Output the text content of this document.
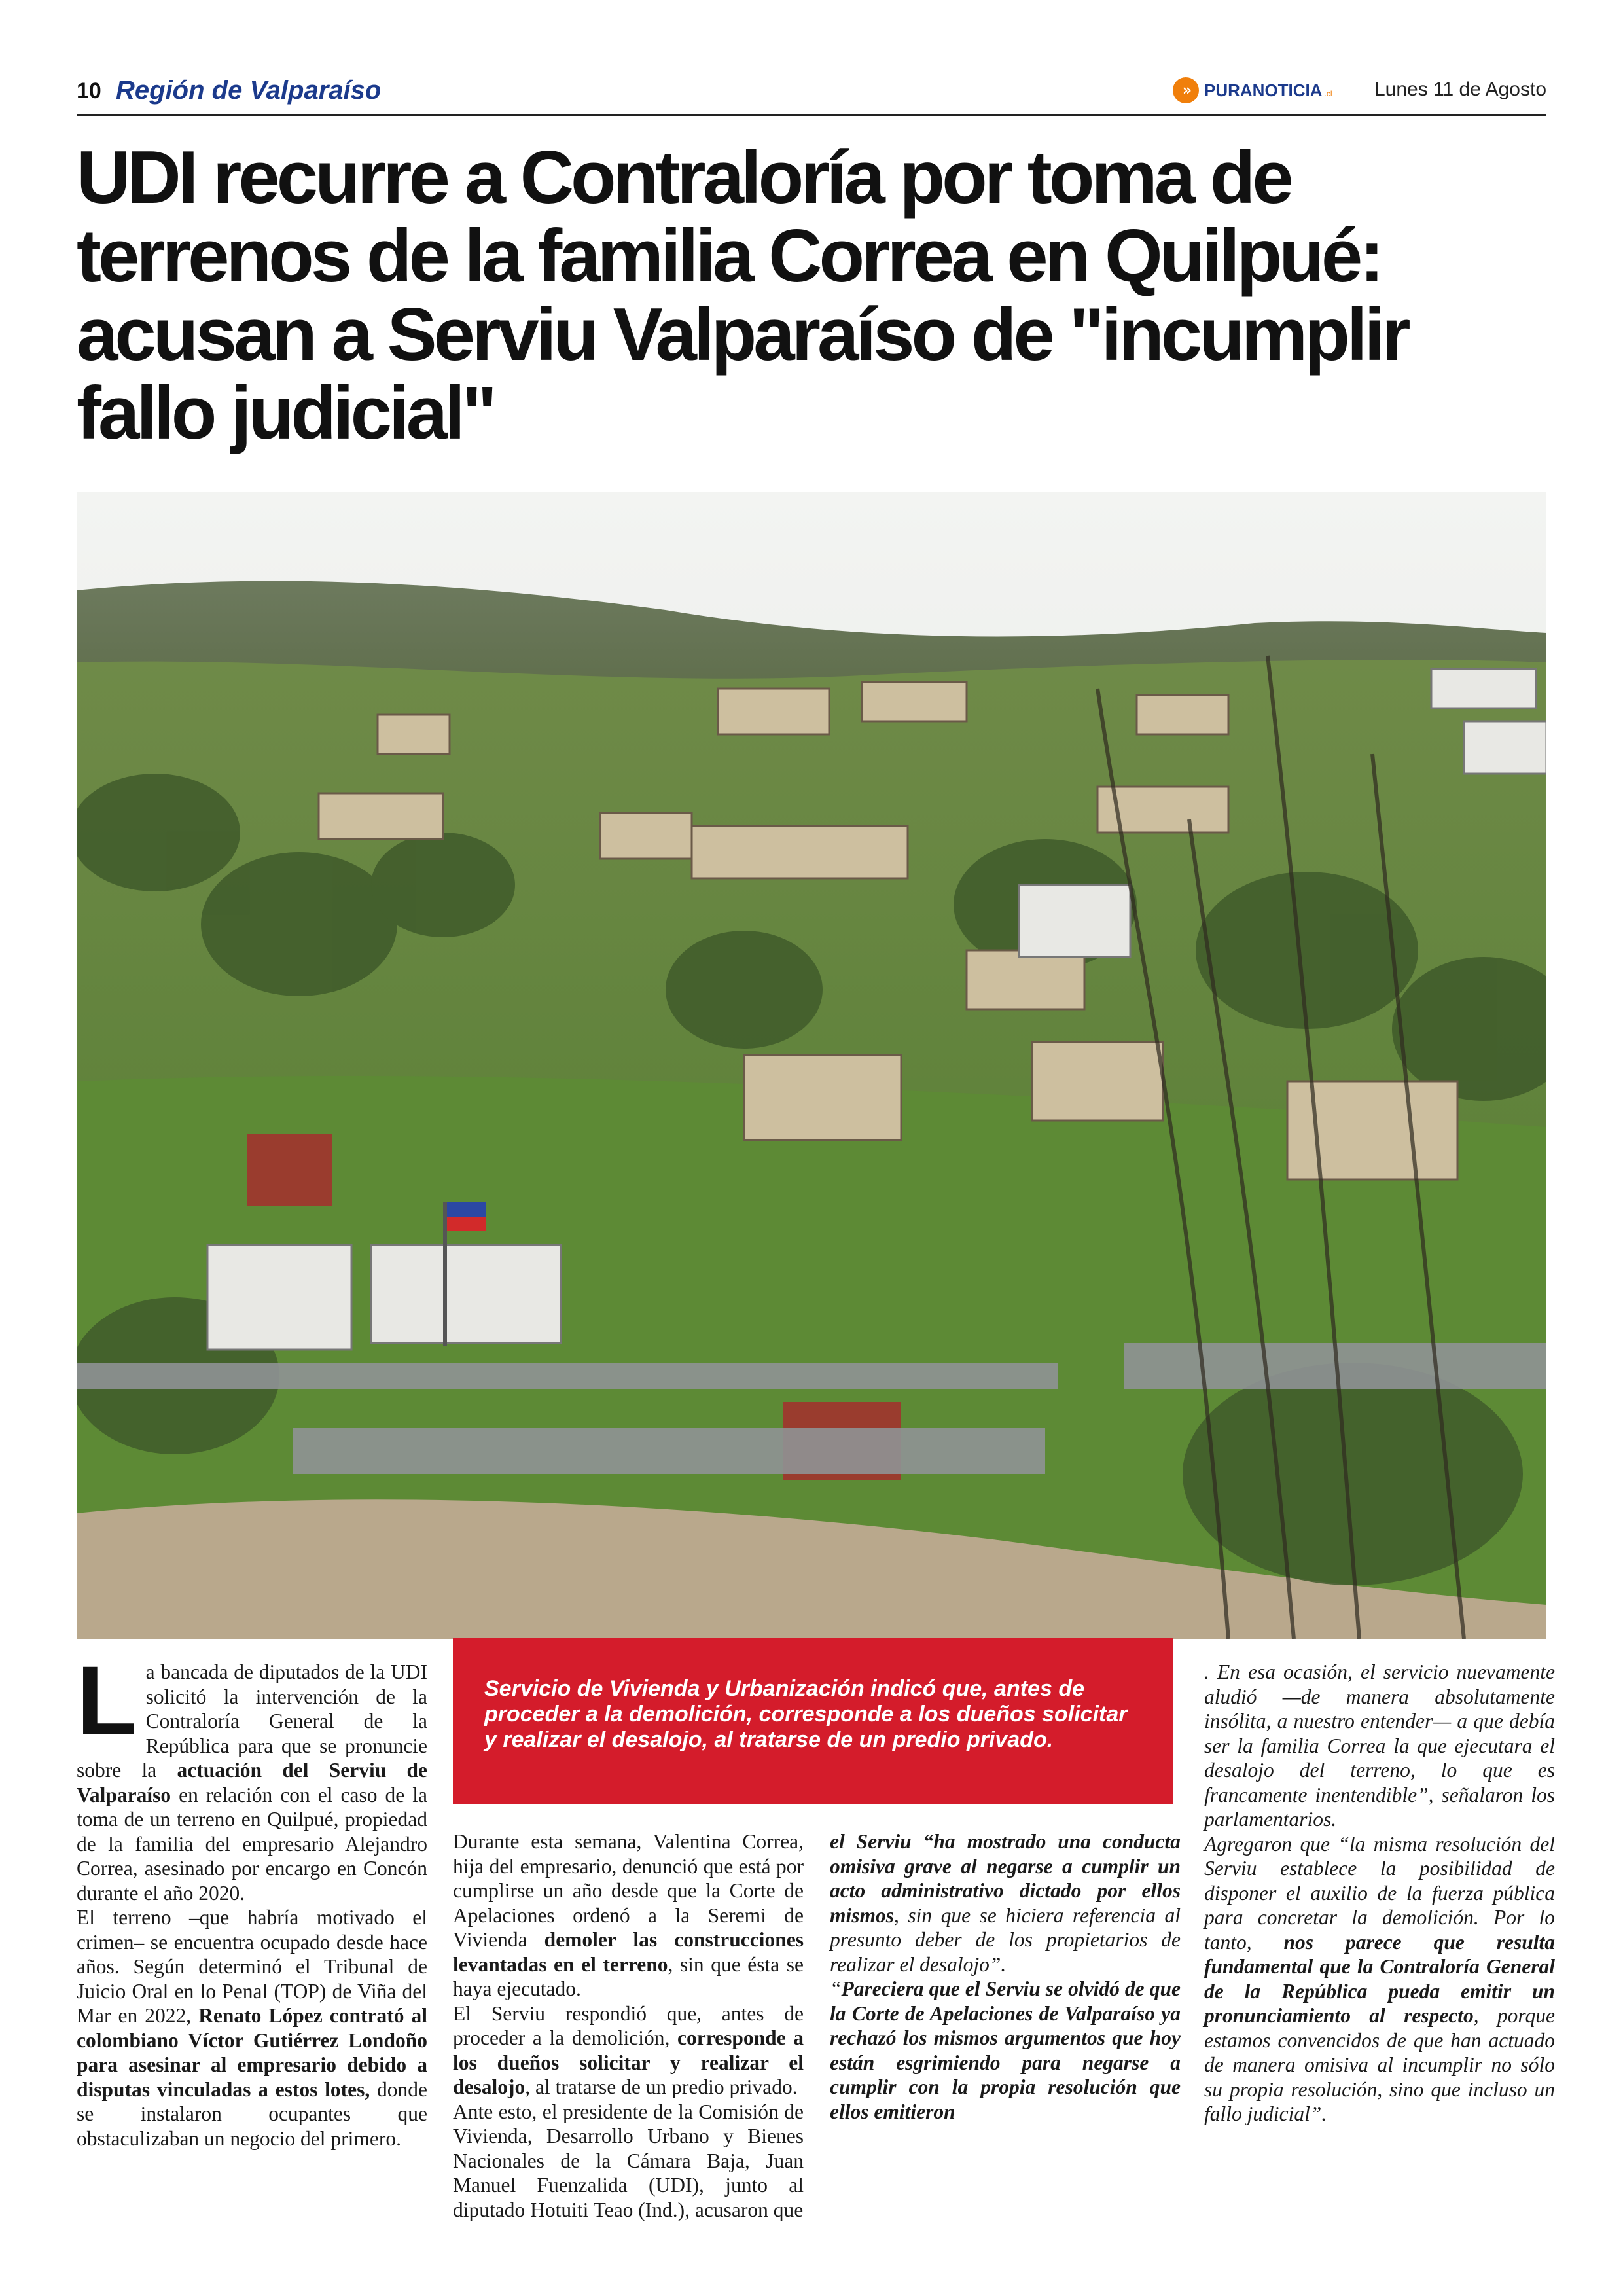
10 Región de Valparaíso	» PURANOTICIA .cl Lunes 11 de Agosto
UDI recurre a Contraloría por toma de terrenos de la familia Correa en Quilpué: acusan a Serviu Valparaíso de "incumplir fallo judicial"
Servicio de Vivienda y Urbanización indicó que, antes de proceder a la demolición, corresponde a los dueños solicitar y realizar el desalojo, al tratarse de un predio privado.

La bancada de diputados de la UDI solicitó la intervención de la Contraloría General de la República para que se pronuncie sobre la actuación del Serviu de Valparaíso en relación con el caso de la toma de un terreno en Quilpué, propiedad de la familia del empresario Alejandro Correa, asesinado por encargo en Concón durante el año 2020.

El terreno –que habría motivado el crimen– se encuentra ocupado desde hace años. Según determinó el Tribunal de Juicio Oral en lo Penal (TOP) de Viña del Mar en 2022, Renato López contrató al colombiano Víctor Gutiérrez Londoño para asesinar al empresario debido a disputas vinculadas a estos lotes, donde se instalaron ocupantes que obstaculizaban un negocio del primero.

Durante esta semana, Valentina Correa, hija del empresario, denunció que está por cumplirse un año desde que la Corte de Apelaciones ordenó a la Seremi de Vivienda demoler las construcciones levantadas en el terreno, sin que ésta se haya ejecutado.

El Serviu respondió que, antes de proceder a la demolición, corresponde a los dueños solicitar y realizar el desalojo, al tratarse de un predio privado.

Ante esto, el presidente de la Comisión de Vivienda, Desarrollo Urbano y Bienes Nacionales de la Cámara Baja, Juan Manuel Fuenzalida (UDI), junto al diputado Hotuiti Teao (Ind.), acusaron que

el Serviu “ha mostrado una conducta omisiva grave al negarse a cumplir un acto administrativo dictado por ellos mismos, sin que se hiciera referencia al presunto deber de los propietarios de realizar el desalojo”.

“Pareciera que el Serviu se olvidó de que la Corte de Apelaciones de Valparaíso ya rechazó los mismos argumentos que hoy están esgrimiendo para negarse a cumplir con la propia resolución que ellos emitieron

. En esa ocasión, el servicio nuevamente aludió —de manera absolutamente insólita, a nuestro entender— a que debía ser la familia Correa la que ejecutara el desalojo del terreno, lo que es francamente inentendible”, señalaron los parlamentarios.

Agregaron que “la misma resolución del Serviu establece la posibilidad de disponer el auxilio de la fuerza pública para concretar la demolición. Por lo tanto, nos parece que resulta fundamental que la Contraloría General de la República pueda emitir un pronunciamiento al respecto, porque estamos convencidos de que han actuado de manera omisiva al incumplir no sólo su propia resolución, sino que incluso un fallo judicial”.
